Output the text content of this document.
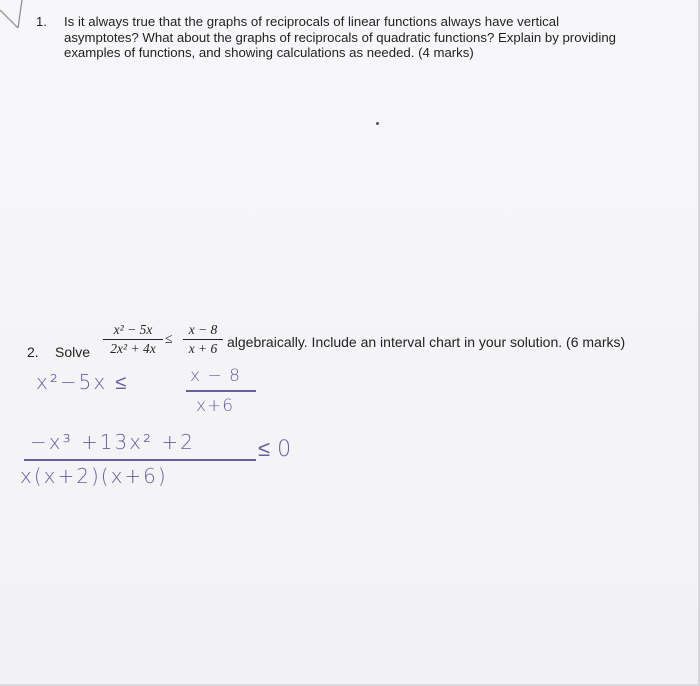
1. Is it always true that the graphs of reciprocals of linear functions always have vertical
asymptotes? What about the graphs of reciprocals of quadratic functions? Explain by providing
examples of functions, and showing calculations as needed. (4 marks)
2. Solve
x² − 5x
2x² + 4x
≤
x − 8
x + 6 algebraically. Include an interval chart in your solution. (6 marks)
x²−5x ≤	x − 8
x+6
−x³ +13x² +2
x(x+2)(x+6)
≤ 0
